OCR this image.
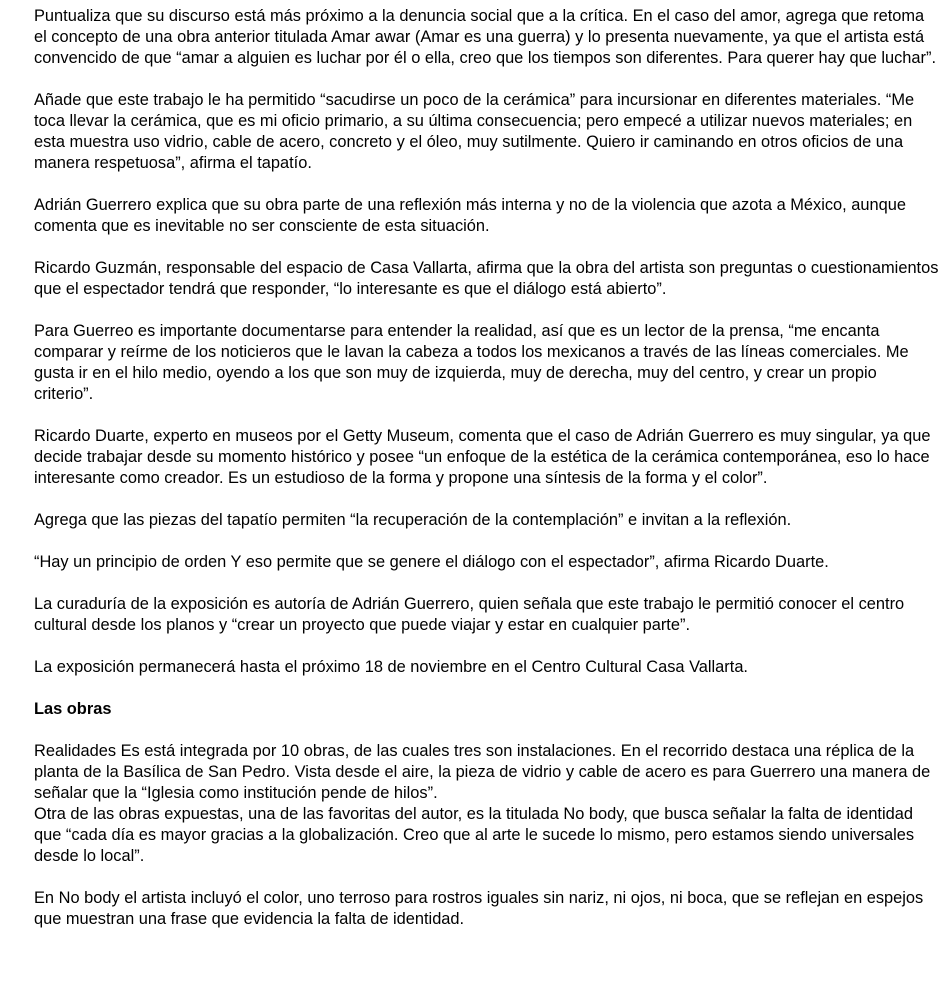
Puntualiza que su discurso está más próximo a la denuncia social que a la crítica. En el caso del amor, agrega que retoma el concepto de una obra anterior titulada Amar awar (Amar es una guerra) y lo presenta nuevamente, ya que el artista está convencido de que “amar a alguien es luchar por él o ella, creo que los tiempos son diferentes. Para querer hay que luchar”.

Añade que este trabajo le ha permitido “sacudirse un poco de la cerámica” para incursionar en diferentes materiales. “Me toca llevar la cerámica, que es mi oficio primario, a su última consecuencia; pero empecé a utilizar nuevos materiales; en esta muestra uso vidrio, cable de acero, concreto y el óleo, muy sutilmente. Quiero ir caminando en otros oficios de una manera respetuosa”, afirma el tapatío.

Adrián Guerrero explica que su obra parte de una reflexión más interna y no de la violencia que azota a México, aunque comenta que es inevitable no ser consciente de esta situación.

Ricardo Guzmán, responsable del espacio de Casa Vallarta, afirma que la obra del artista son preguntas o cuestionamientos que el espectador tendrá que responder, “lo interesante es que el diálogo está abierto”.

Para Guerreo es importante documentarse para entender la realidad, así que es un lector de la prensa, “me encanta comparar y reírme de los noticieros que le lavan la cabeza a todos los mexicanos a través de las líneas comerciales. Me gusta ir en el hilo medio, oyendo a los que son muy de izquierda, muy de derecha, muy del centro, y crear un propio criterio”.

Ricardo Duarte, experto en museos por el Getty Museum, comenta que el caso de Adrián Guerrero es muy singular, ya que decide trabajar desde su momento histórico y posee “un enfoque de la estética de la cerámica contemporánea, eso lo hace interesante como creador. Es un estudioso de la forma y propone una síntesis de la forma y el color”.

Agrega que las piezas del tapatío permiten “la recuperación de la contemplación” e invitan a la reflexión.

“Hay un principio de orden Y eso permite que se genere el diálogo con el espectador”, afirma Ricardo Duarte.

La curaduría de la exposición es autoría de Adrián Guerrero, quien señala que este trabajo le permitió conocer el centro cultural desde los planos y “crear un proyecto que puede viajar y estar en cualquier parte”.

La exposición permanecerá hasta el próximo 18 de noviembre en el Centro Cultural Casa Vallarta.

Las obras

Realidades Es está integrada por 10 obras, de las cuales tres son instalaciones. En el recorrido destaca una réplica de la planta de la Basílica de San Pedro. Vista desde el aire, la pieza de vidrio y cable de acero es para Guerrero una manera de señalar que la “Iglesia como institución pende de hilos”.
Otra de las obras expuestas, una de las favoritas del autor, es la titulada No body, que busca señalar la falta de identidad que “cada día es mayor gracias a la globalización. Creo que al arte le sucede lo mismo, pero estamos siendo universales desde lo local”.

En No body el artista incluyó el color, uno terroso para rostros iguales sin nariz, ni ojos, ni boca, que se reflejan en espejos que muestran una frase que evidencia la falta de identidad.
